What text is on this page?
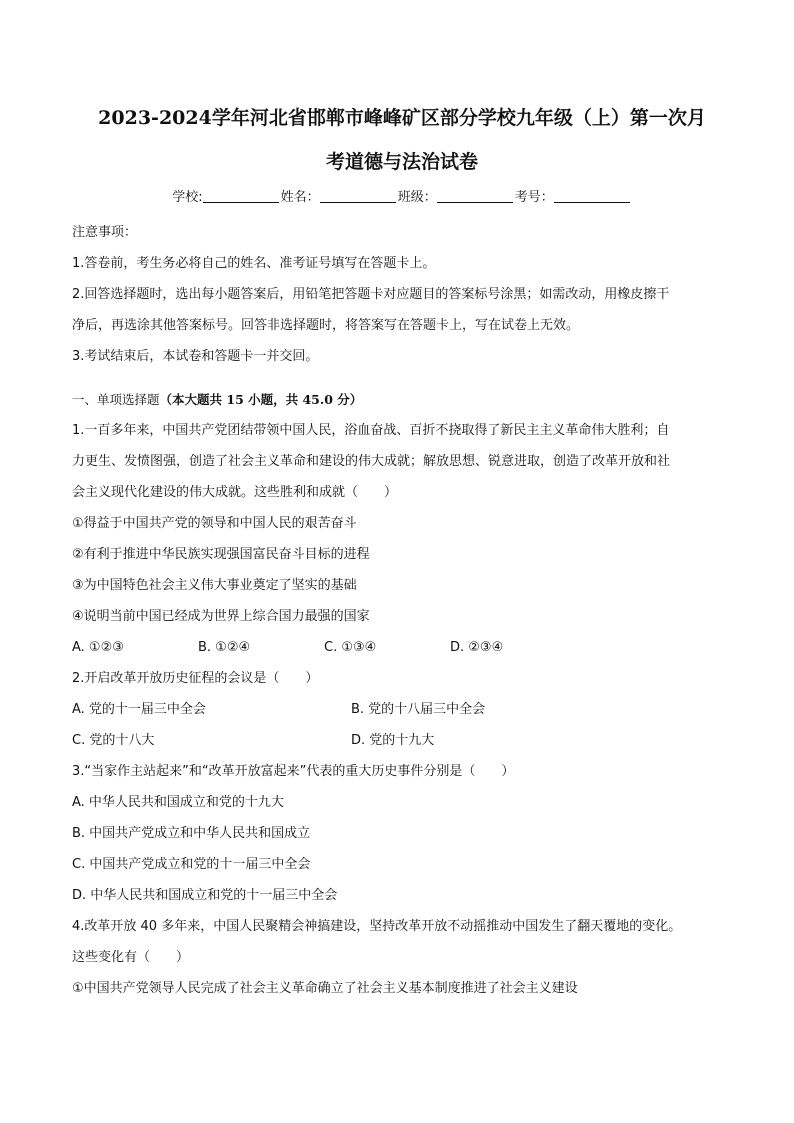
2023-2024学年河北省邯郸市峰峰矿区部分学校九年级（上）第一次月
考道德与法治试卷
学校:	姓名：	班级：	考号：
注意事项：
1.答卷前，考生务必将自己的姓名、准考证号填写在答题卡上。
2.回答选择题时，选出每小题答案后，用铅笔把答题卡对应题目的答案标号涂黑；如需改动，用橡皮擦干
净后，再选涂其他答案标号。回答非选择题时，将答案写在答题卡上，写在试卷上无效。
3.考试结束后，本试卷和答题卡一并交回。
一、单项选择题（本大题共 15 小题，共 45.0 分）
1.一百多年来，中国共产党团结带领中国人民，浴血奋战、百折不挠取得了新民主主义革命伟大胜利；自
力更生、发愤图强，创造了社会主义革命和建设的伟大成就；解放思想、锐意进取，创造了改革开放和社
会主义现代化建设的伟大成就。这些胜利和成就（　　）
①得益于中国共产党的领导和中国人民的艰苦奋斗
②有利于推进中华民族实现强国富民奋斗目标的进程
③为中国特色社会主义伟大事业奠定了坚实的基础
④说明当前中国已经成为世界上综合国力最强的国家
A. ①②③	B. ①②④	C. ①③④	D. ②③④
2.开启改革开放历史征程的会议是（　　）
A. 党的十一届三中全会	B. 党的十八届三中全会
C. 党的十八大	D. 党的十九大
3.“当家作主站起来”和“改革开放富起来”代表的重大历史事件分别是（　　）
A. 中华人民共和国成立和党的十九大
B. 中国共产党成立和中华人民共和国成立
C. 中国共产党成立和党的十一届三中全会
D. 中华人民共和国成立和党的十一届三中全会
4.改革开放 40 多年来，中国人民聚精会神搞建设，坚持改革开放不动摇推动中国发生了翻天覆地的变化。
这些变化有（　　）
①中国共产党领导人民完成了社会主义革命确立了社会主义基本制度推进了社会主义建设
